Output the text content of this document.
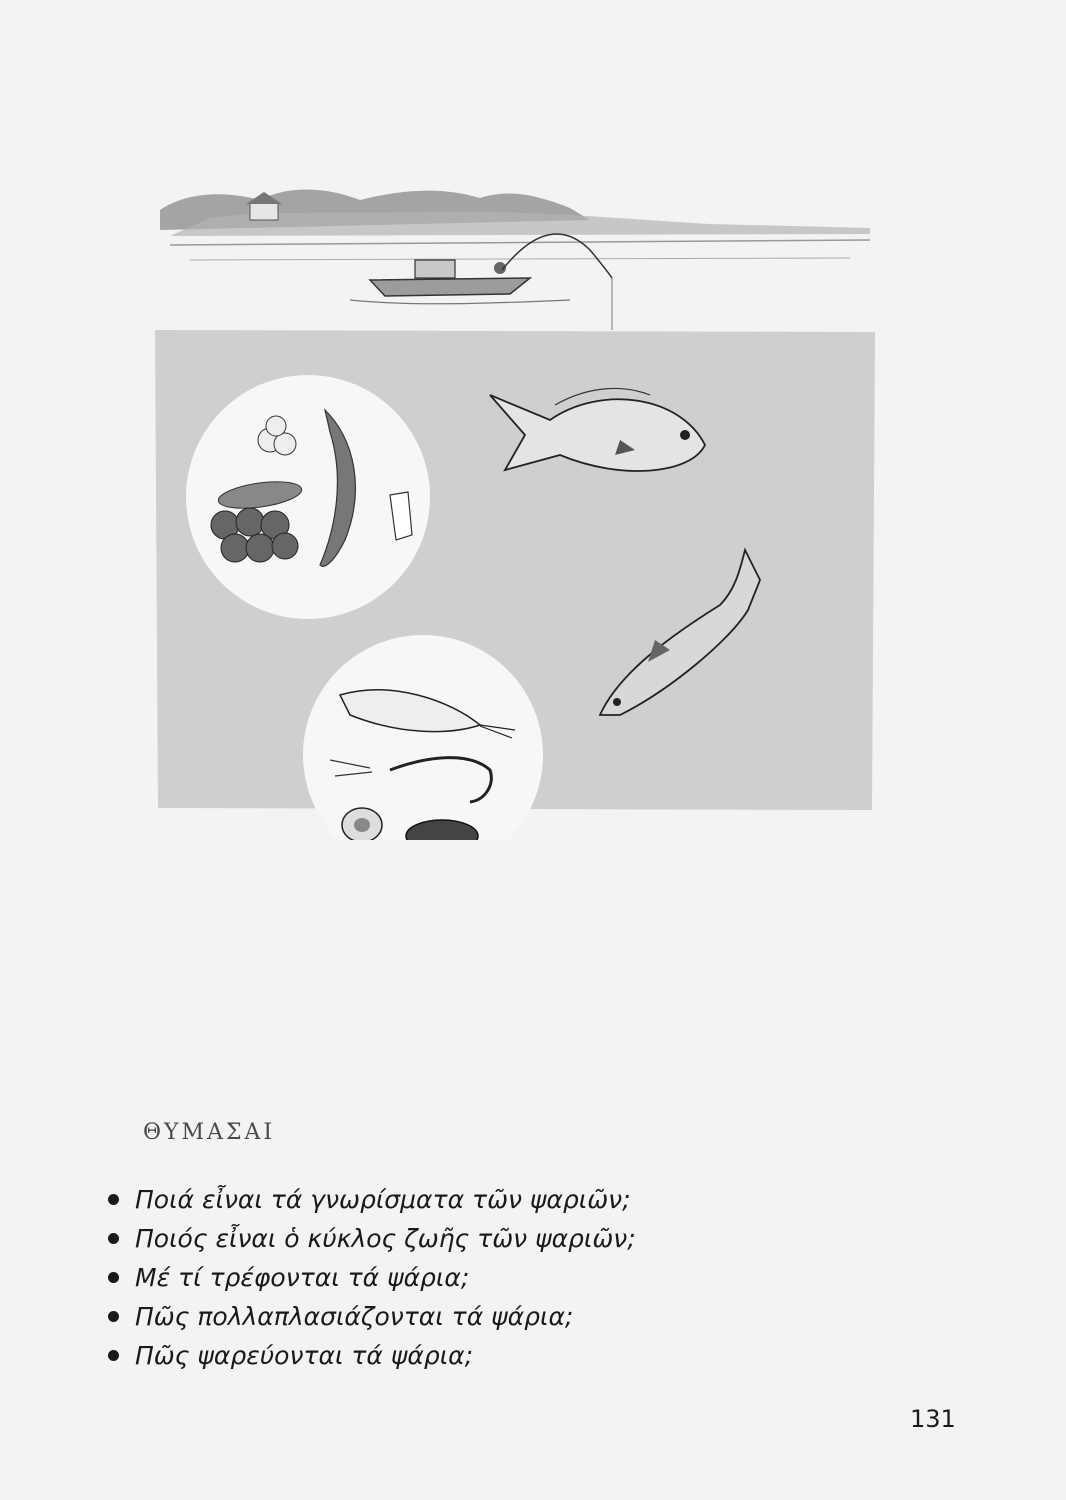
ΘΥΜΑΣΑΙ
Ποιά εἶναι τά γνωρίσματα τῶν ψαριῶν;
Ποιός εἶναι ὁ κύκλος ζωῆς τῶν ψαριῶν;
Μέ τί τρέφονται τά ψάρια;
Πῶς πολλαπλασιάζονται τά ψάρια;
Πῶς ψαρεύονται τά ψάρια;
131
